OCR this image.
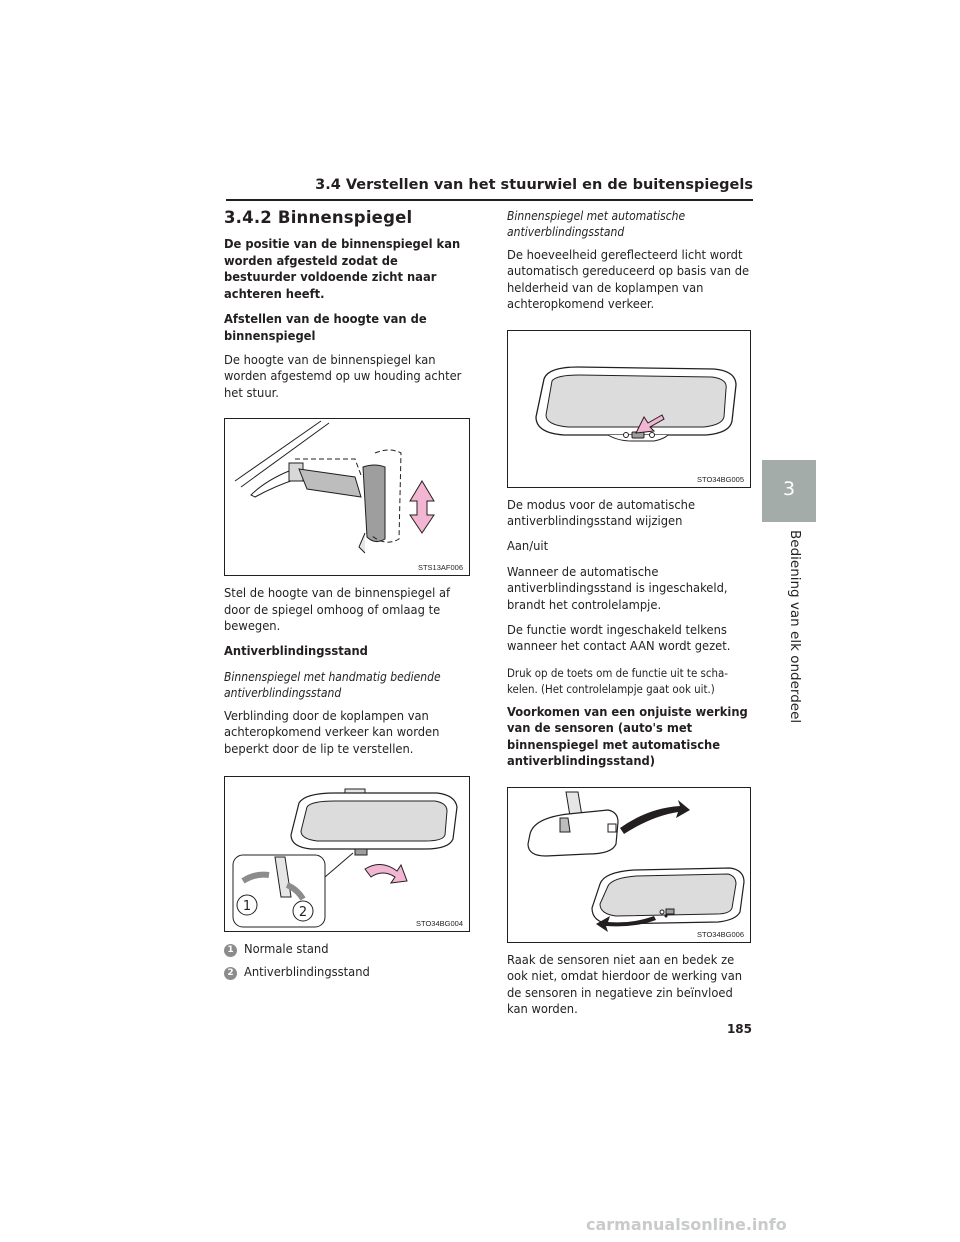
3.4 Verstellen van het stuurwiel en de buitenspiegels
3.4.2 Binnenspiegel
De positie van de binnenspiegel kan worden afgesteld zodat de bestuurder voldoende zicht naar achteren heeft.
Afstellen van de hoogte van de binnenspiegel
De hoogte van de binnenspiegel kan worden afgestemd op uw houding achter het stuur.
STS13AF006
Stel de hoogte van de binnenspiegel af door de spiegel omhoog of omlaag te bewegen.
Antiverblindingsstand
Binnenspiegel met handmatig bediende antiverblindingsstand
Verblinding door de koplampen van achteropkomend verkeer kan worden beperkt door de lip te verstellen.
1	2
STO34BG004
1 Normale stand
2 Antiverblindingsstand
Binnenspiegel met automatische antiverblindingsstand
De hoeveelheid gereflecteerd licht wordt automatisch gereduceerd op basis van de helderheid van de koplampen van achteropkomend verkeer.
STO34BG005
De modus voor de automatische antiverblindingsstand wijzigen
Aan/uit
Wanneer de automatische antiverblindingsstand is ingeschakeld, brandt het controlelampje.
De functie wordt ingeschakeld telkens wanneer het contact AAN wordt gezet.
Druk op de toets om de functie uit te scha-kelen. (Het controlelampje gaat ook uit.)
Voorkomen van een onjuiste werking van de sensoren (auto's met binnenspiegel met automatische antiverblindingsstand)
STO34BG006
Raak de sensoren niet aan en bedek ze ook niet, omdat hierdoor de werking van de sensoren in negatieve zin beïnvloed kan worden.
3
Bediening van elk onderdeel
185
carmanualsonline.info
